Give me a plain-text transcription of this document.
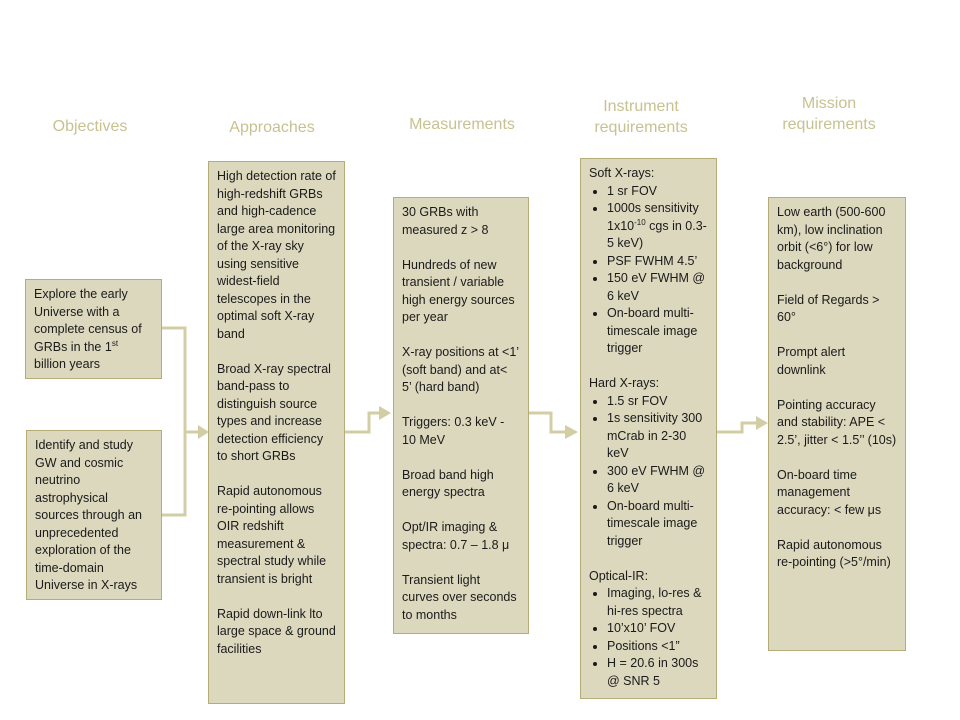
Objectives	Approaches	Measurements
Instrument
requirements
Mission
requirements

Explore the early Universe with a complete census of GRBs in the 1st billion years

Identify and study GW and cosmic neutrino astrophysical sources through an unprecedented exploration of the time-domain Universe in X-rays

High detection rate of high-redshift GRBs and high-cadence large area monitoring of the X-ray sky using sensitive widest-field telescopes in the optimal soft X-ray band

Broad X-ray spectral band-pass to distinguish source types and increase detection efficiency to short GRBs

Rapid autonomous re-pointing allows OIR redshift measurement & spectral study while transient is bright

Rapid down-link lto large space & ground facilities

30 GRBs with measured z > 8

Hundreds of new transient / variable high energy sources per year

X-ray positions at <1’ (soft band) and at< 5’ (hard band)

Triggers: 0.3 keV - 10 MeV

Broad band high energy spectra

Opt/IR imaging & spectra: 0.7 – 1.8 μ

Transient light curves over seconds to months

Soft X-rays:
• 1 sr FOV
• 1000s sensitivity $1x10^{-10}$ cgs in 0.3-5 keV)
• PSF FWHM 4.5’
• 150 eV FWHM @ 6 keV
• On-board multi-timescale image trigger
Hard X-rays:
• 1.5 sr FOV
• 1s sensitivity 300 mCrab in 2-30 keV
• 300 eV FWHM @ 6 keV
• On-board multi-timescale image trigger
Optical-IR:
• Imaging, lo-res & hi-res spectra
• 10’x10’ FOV
• Positions <1”
• H = 20.6 in 300s @ SNR 5

Low earth (500-600 km), low inclination orbit (<6°) for low background

Field of Regards > 60°

Prompt alert downlink

Pointing accuracy and stability: APE < 2.5’, jitter < 1.5’’ (10s)

On-board time management accuracy: < few μs

Rapid autonomous re-pointing (>5°/min)
